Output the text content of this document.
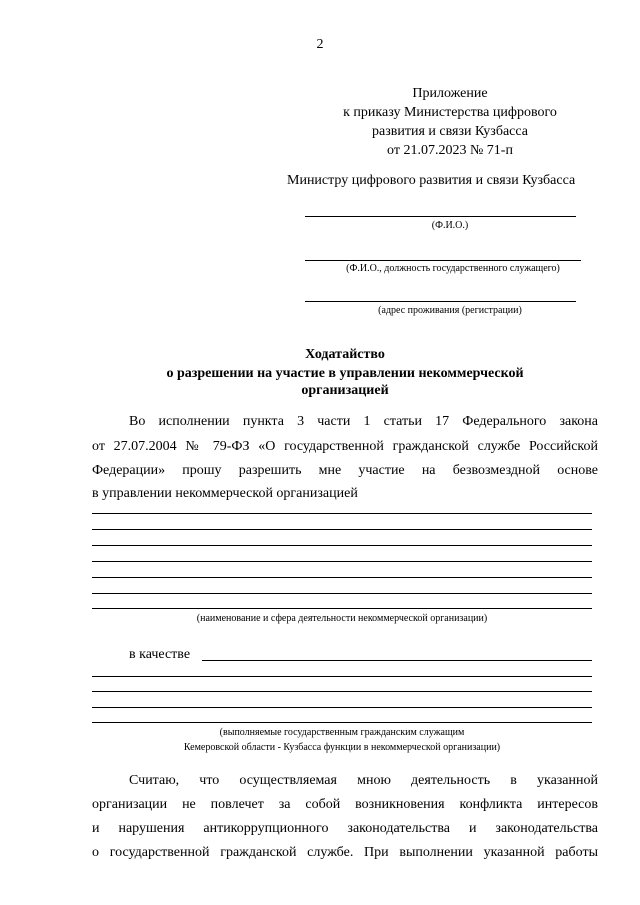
2
Приложение
к приказу Министерства цифрового
развития и связи Кузбасса
от 21.07.2023 № 71-п
Министру цифрового развития и связи Кузбасса
(Ф.И.О.)
(Ф.И.О., должность государственного служащего)
(адрес проживания (регистрации)
Ходатайство
о разрешении на участие в управлении некоммерческой
организацией
Во исполнении пункта 3 части 1 статьи 17 Федерального закона
от 27.07.2004 № 79-ФЗ «О государственной гражданской службе Российской
Федерации» прошу разрешить мне участие на безвозмездной основе
в управлении некоммерческой организацией
(наименование и сфера деятельности некоммерческой организации)
в качестве
(выполняемые государственным гражданским служащим
Кемеровской области - Кузбасса функции в некоммерческой организации)
Считаю, что осуществляемая мною деятельность в указанной
организации не повлечет за собой возникновения конфликта интересов
и нарушения антикоррупционного законодательства и законодательства
о государственной гражданской службе. При выполнении указанной работы
